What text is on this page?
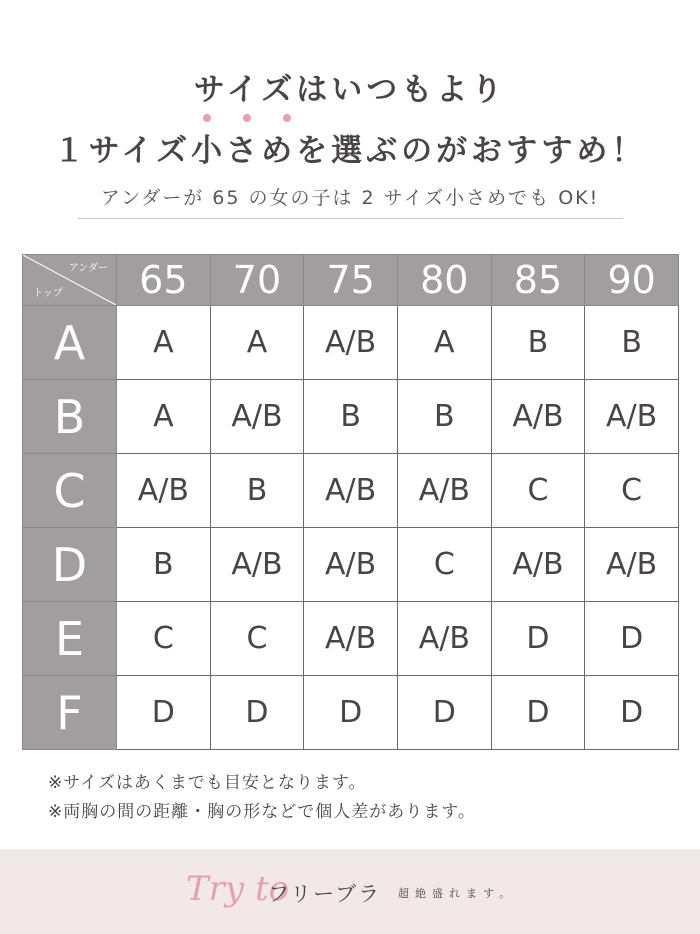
サイズはいつもより
１サイズ小さめを選ぶのがおすすめ！
アンダーが 65 の女の子は 2 サイズ小さめでも OK!
アンダー
トップ	65	70	75	80	85	90
A	A	A	A/B	A	B	B
B	A	A/B	B	B	A/B	A/B
C	A/B	B	A/B	A/B	C	C
D	B	A/B	A/B	C	A/B	A/B
E	C	C	A/B	A/B	D	D
F	D	D	D	D	D	D
※サイズはあくまでも目安となります。
※両胸の間の距離・胸の形などで個人差があります。
Try to
フリーブラ 超絶盛れます。
